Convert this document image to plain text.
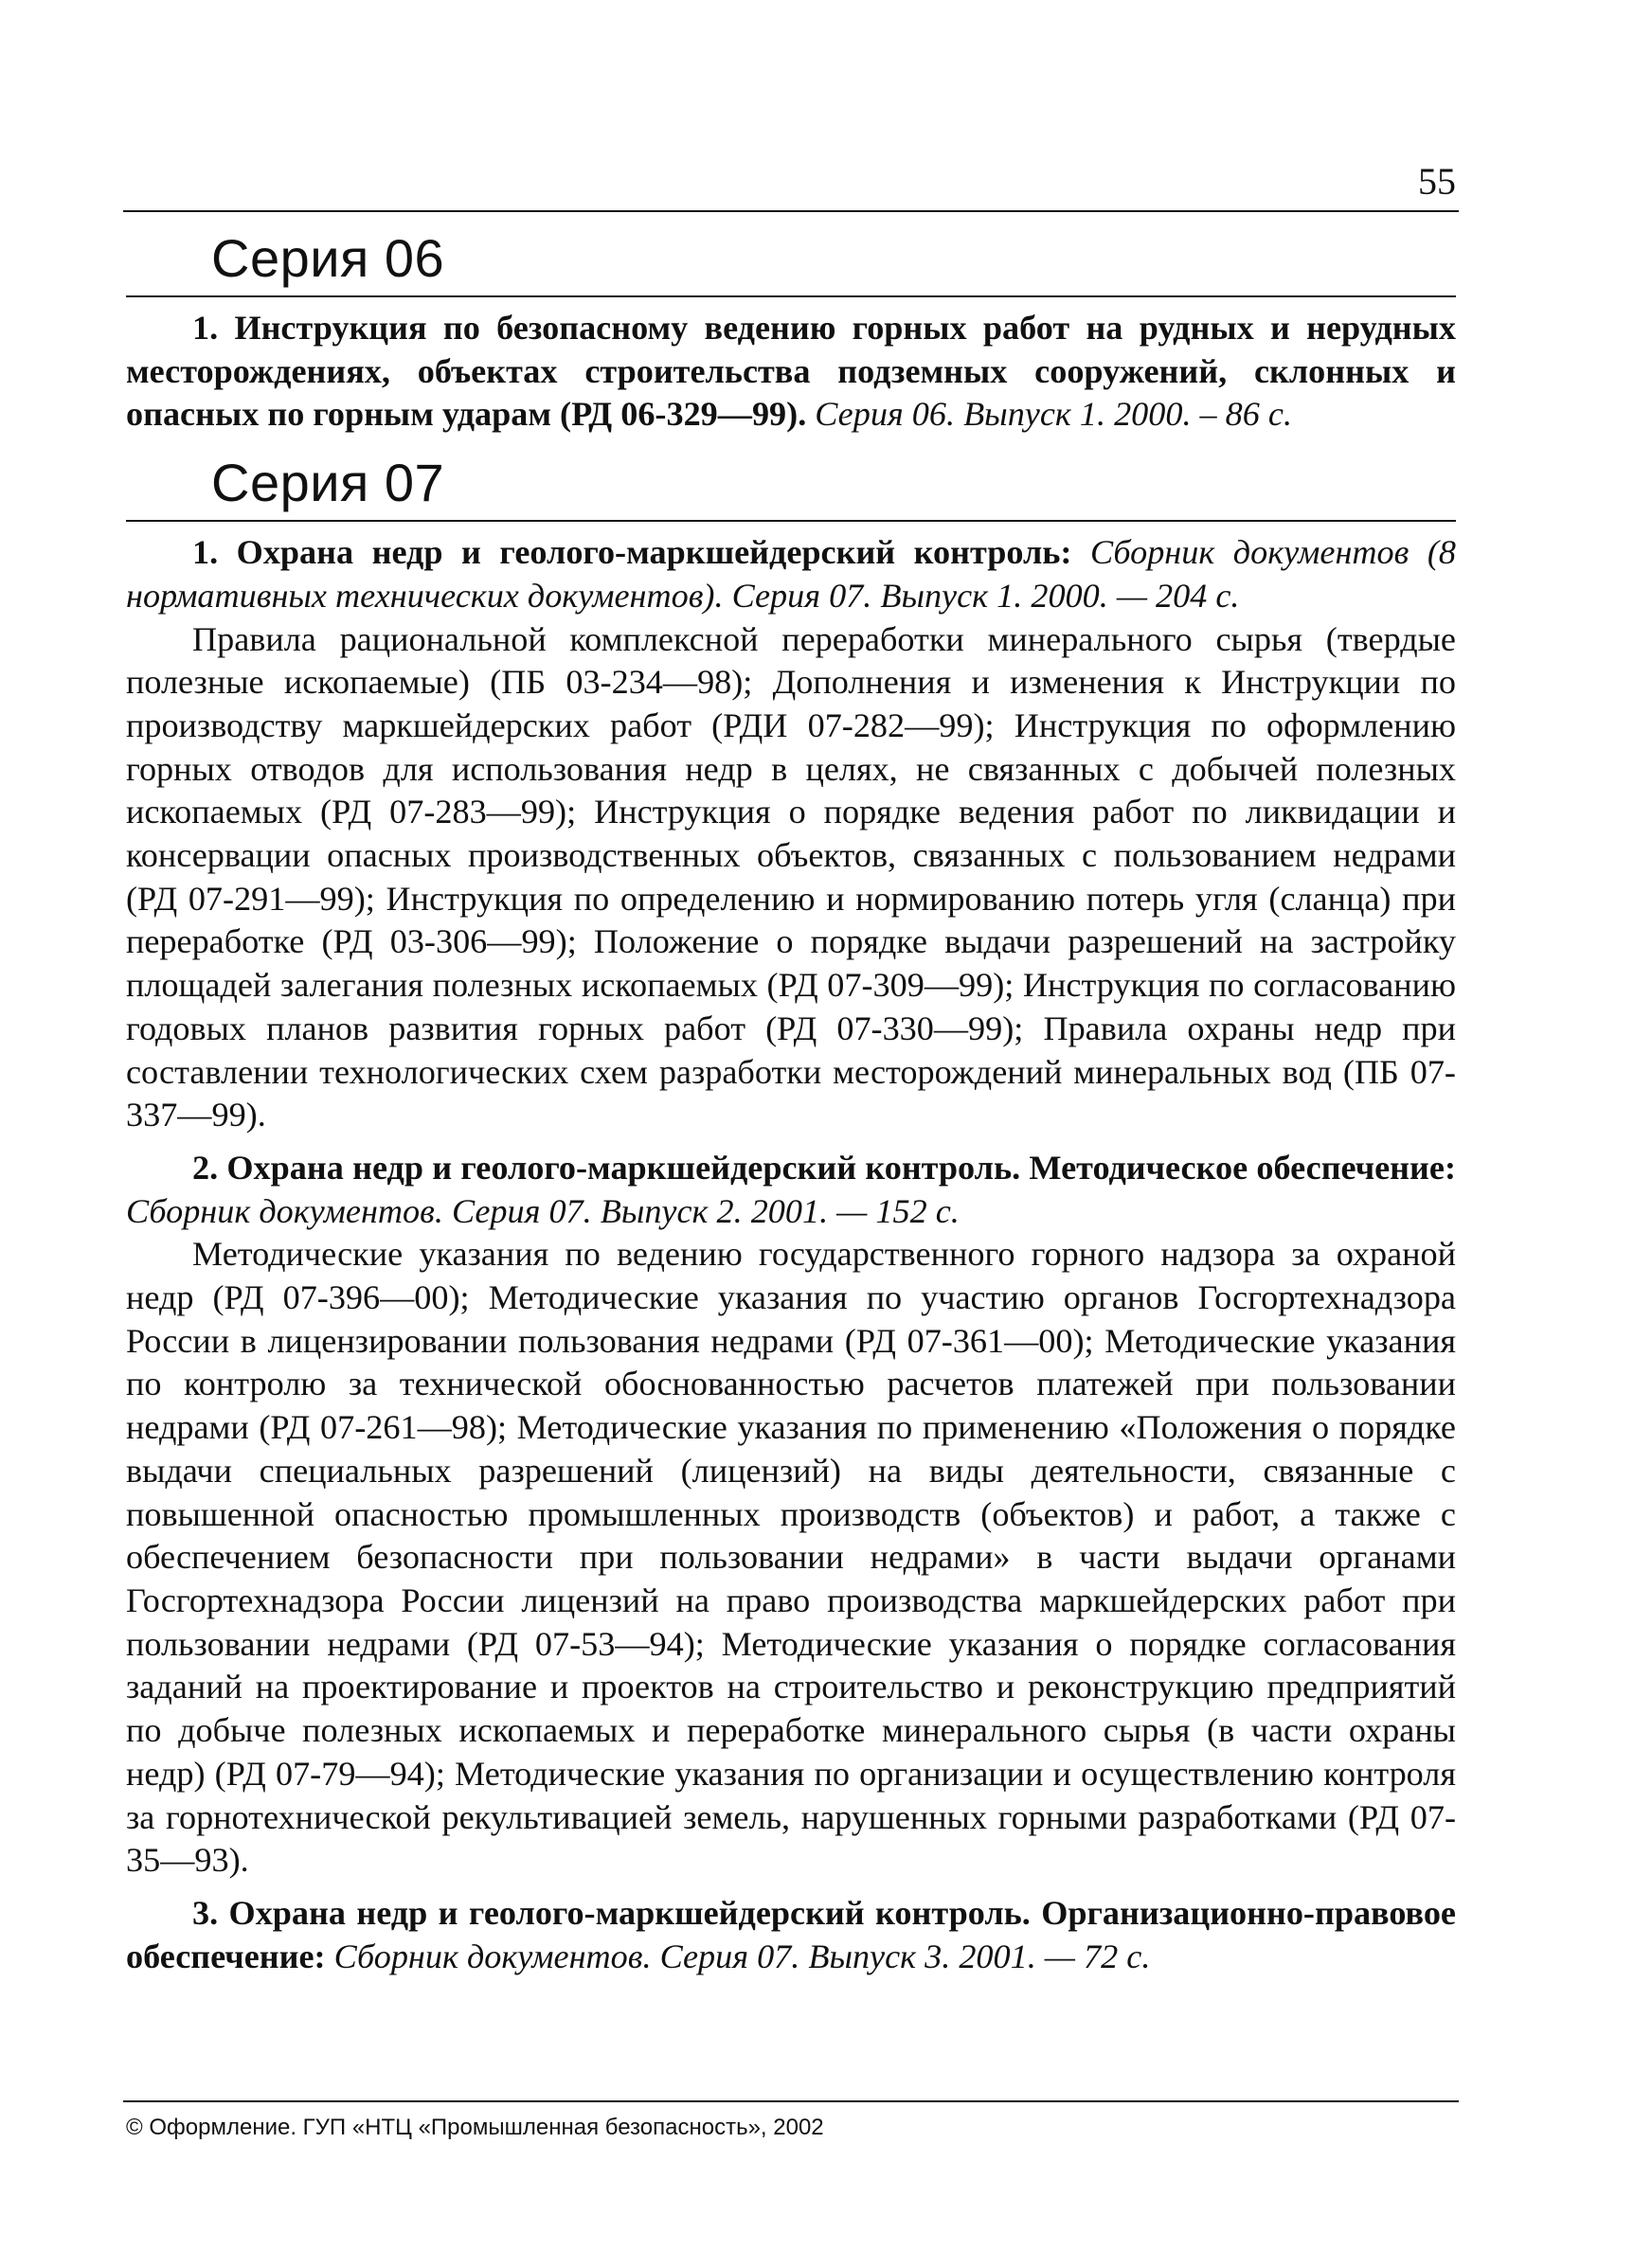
55
Серия 06

1. Инструкция по безопасному ведению горных работ на рудных и нерудных месторождениях, объектах строительства подземных сооружений, склонных и опасных по горным ударам (РД 06-329—99). Серия 06. Выпуск 1. 2000. – 86 с.

Серия 07

1. Охрана недр и геолого-маркшейдерский контроль: Сборник документов (8 нормативных технических документов). Серия 07. Выпуск 1. 2000. — 204 с.

Правила рациональной комплексной переработки минерального сырья (твердые полезные ископаемые) (ПБ 03-234—98); Дополнения и изменения к Инструкции по производству маркшейдерских работ (РДИ 07-282—99); Инструкция по оформлению горных отводов для использования недр в целях, не связанных с добычей полезных ископаемых (РД 07-283—99); Инструкция о порядке ведения работ по ликвидации и консервации опасных производственных объектов, связанных с пользованием недрами (РД 07-291—99); Инструкция по определению и нормированию потерь угля (сланца) при переработке (РД 03-306—99); Положение о порядке выдачи разрешений на застройку площадей залегания полезных ископаемых (РД 07-309—99); Инструкция по согласованию годовых планов развития горных работ (РД 07-330—99); Правила охраны недр при составлении технологических схем разработки месторождений минеральных вод (ПБ 07-337—99).

2. Охрана недр и геолого-маркшейдерский контроль. Методическое обеспечение: Сборник документов. Серия 07. Выпуск 2. 2001. — 152 с.

Методические указания по ведению государственного горного надзора за охраной недр (РД 07-396—00); Методические указания по участию органов Госгортехнадзора России в лицензировании пользования недрами (РД 07-361—00); Методические указания по контролю за технической обоснованностью расчетов платежей при пользовании недрами (РД 07-261—98); Методические указания по применению «Положения о порядке выдачи специальных разрешений (лицензий) на виды деятельности, связанные с повышенной опасностью промышленных производств (объектов) и работ, а также с обеспечением безопасности при пользовании недрами» в части выдачи органами Госгортехнадзора России лицензий на право производства маркшейдерских работ при пользовании недрами (РД 07-53—94); Методические указания о порядке согласования заданий на проектирование и проектов на строительство и реконструкцию предприятий по добыче полезных ископаемых и переработке минерального сырья (в части охраны недр) (РД 07-79—94); Методические указания по организации и осуществлению контроля за горнотехнической рекультивацией земель, нарушенных горными разработками (РД 07-35—93).

3. Охрана недр и геолого-маркшейдерский контроль. Организационно-правовое обеспечение: Сборник документов. Серия 07. Выпуск 3. 2001. — 72 с.

© Оформление. ГУП «НТЦ «Промышленная безопасность», 2002
